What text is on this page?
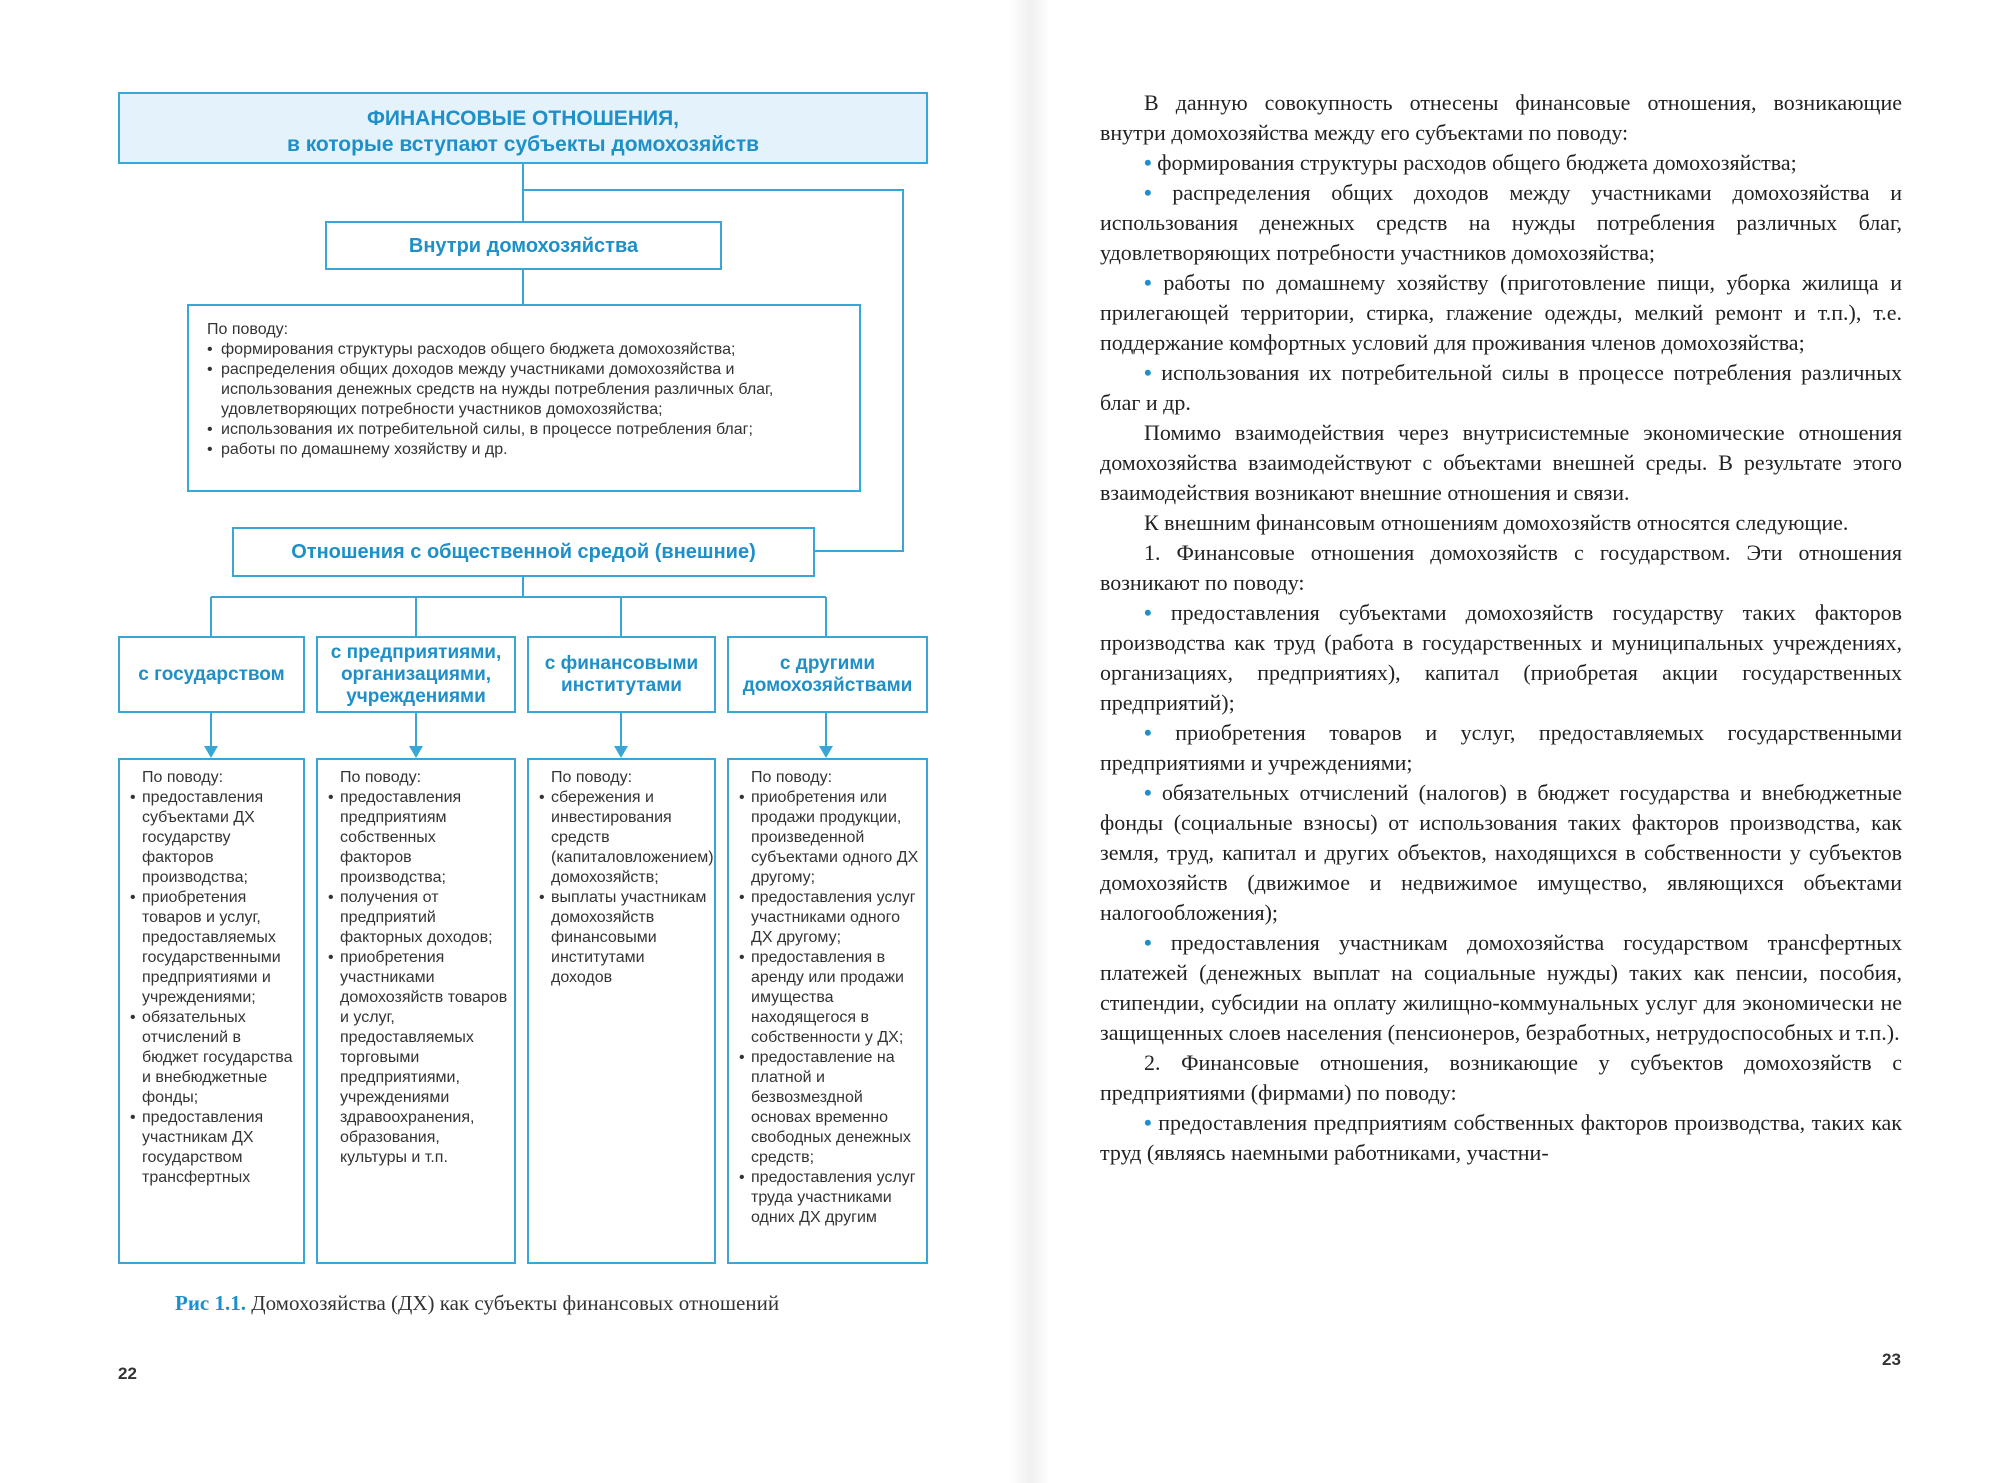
ФИНАНСОВЫЕ ОТНОШЕНИЯ,
в которые вступают субъекты домохозяйств
Внутри домохозяйства
По поводу:
• формирования структуры расходов общего бюджета домохозяйства;
• распределения общих доходов между участниками домохозяйства и использования денежных средств на нужды потребления различных благ, удовлетворяющих потребности участников домохозяйства;
• использования их потребительной силы, в процессе потребления благ;
• работы по домашнему хозяйству и др.
Отношения с общественной средой (внешние)
с государством
с предприятиями, организациями, учреждениями
с финансовыми институтами
с другими домохозяйствами
По поводу:
• предоставления субъектами ДХ государству факторов производства;
• приобретения товаров и услуг, предоставляемых государственными предприятиями и учреждениями;
• обязательных отчислений в бюджет государства и внебюджетные фонды;
• предоставления участникам ДХ государством трансфертных
По поводу:
• предоставления предприятиям собственных факторов производства;
• получения от предприятий факторных доходов;
• приобретения участниками домохозяйств товаров и услуг, предоставляемых торговыми предприятиями, учреждениями здравоохранения, образования, культуры и т.п.
По поводу:
• сбережения и инвестирования средств (капиталовложением) домохозяйств;
• выплаты участникам домохозяйств финансовыми институтами доходов
По поводу:
• приобретения или продажи продукции, произведенной субъектами одного ДХ другому;
• предоставления услуг участниками одного ДХ другому;
• предоставления в аренду или продажи имущества находящегося в собственности у ДХ;
• предоставление на платной и безвозмездной основах временно свободных денежных средств;
• предоставления услуг труда участниками одних ДХ другим
Рис 1.1. Домохозяйства (ДХ) как субъекты финансовых отношений
22

В данную совокупность отнесены финансовые отношения, возникающие внутри домохозяйства между его субъектами по поводу:

• формирования структуры расходов общего бюджета домохозяйства;

• распределения общих доходов между участниками домохозяйства и использования денежных средств на нужды потребления различных благ, удовлетворяющих потребности участников домохозяйства;

• работы по домашнему хозяйству (приготовление пищи, уборка жилища и прилегающей территории, стирка, глажение одежды, мелкий ремонт и т.п.), т.е. поддержание комфортных условий для проживания членов домохозяйства;

• использования их потребительной силы в процессе потребления различных благ и др.

Помимо взаимодействия через внутрисистемные экономические отношения домохозяйства взаимодействуют с объектами внешней среды. В результате этого взаимодействия возникают внешние отношения и связи.

К внешним финансовым отношениям домохозяйств относятся следующие.

1. Финансовые отношения домохозяйств с государством. Эти отношения возникают по поводу:

• предоставления субъектами домохозяйств государству таких факторов производства как труд (работа в государственных и муниципальных учреждениях, организациях, предприятиях), капитал (приобретая акции государственных предприятий);

• приобретения товаров и услуг, предоставляемых государственными предприятиями и учреждениями;

• обязательных отчислений (налогов) в бюджет государства и внебюджетные фонды (социальные взносы) от использования таких факторов производства, как земля, труд, капитал и других объектов, находящихся в собственности у субъектов домохозяйств (движимое и недвижимое имущество, являющихся объектами налогообложения);

• предоставления участникам домохозяйства государством трансфертных платежей (денежных выплат на социальные нужды) таких как пенсии, пособия, стипендии, субсидии на оплату жилищно-коммунальных услуг для экономически не защищенных слоев населения (пенсионеров, безработных, нетрудоспособных и т.п.).

2. Финансовые отношения, возникающие у субъектов домохозяйств с предприятиями (фирмами) по поводу:

• предоставления предприятиям собственных факторов производства, таких как труд (являясь наемными работниками, участни-

23
